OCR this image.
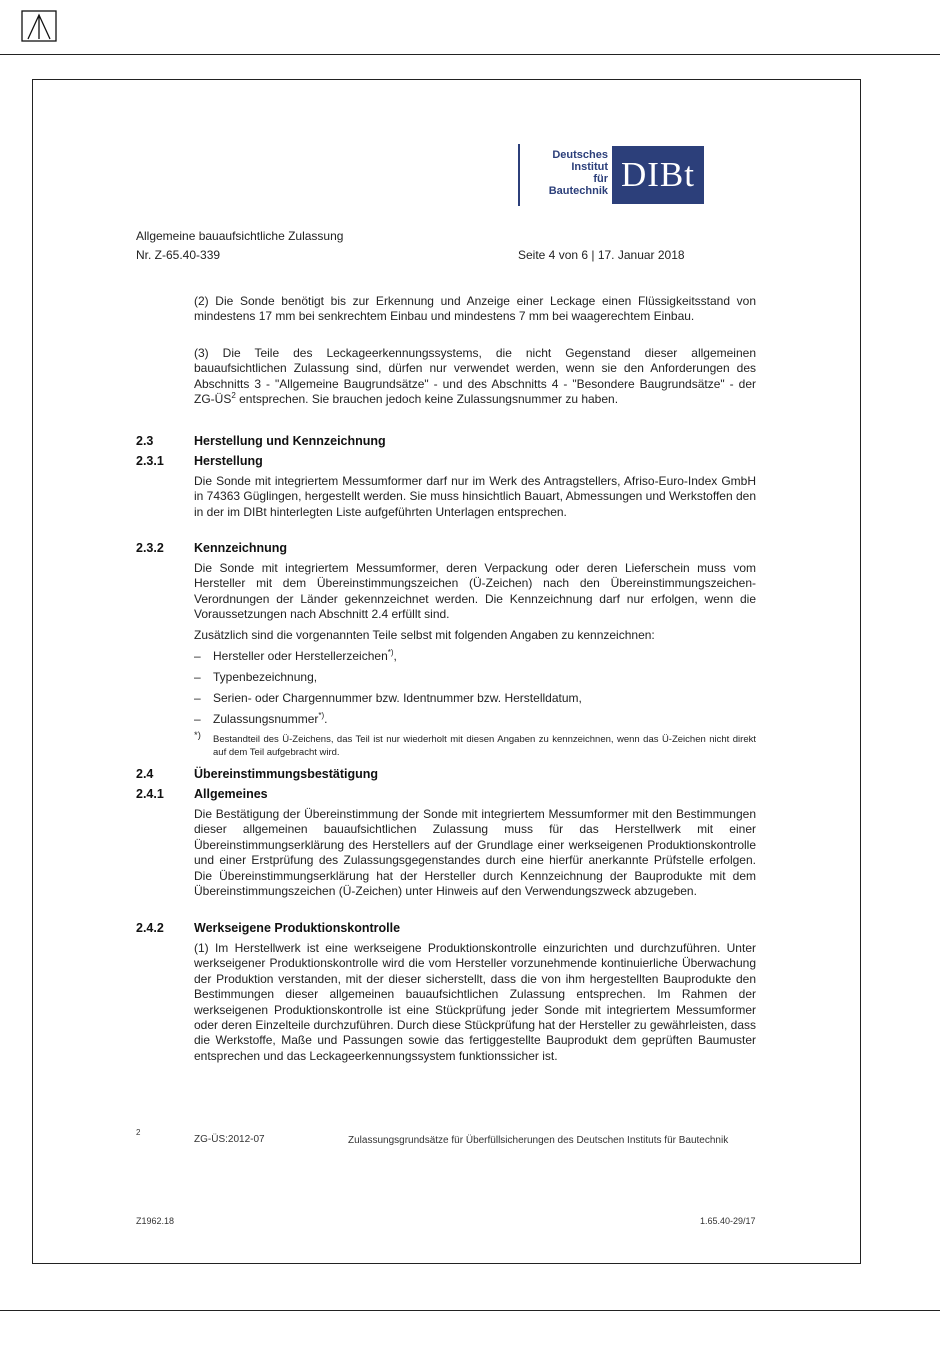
Deutsches
Institut
für
Bautechnik DIBt
Allgemeine bauaufsichtliche Zulassung
Nr. Z-65.40-339	Seite 4 von 6 | 17. Januar 2018
(2) Die Sonde benötigt bis zur Erkennung und Anzeige einer Leckage einen Flüssigkeitsstand von mindestens 17 mm bei senkrechtem Einbau und mindestens 7 mm bei waagerechtem Einbau.
(3) Die Teile des Leckageerkennungssystems, die nicht Gegenstand dieser allgemeinen bauaufsichtlichen Zulassung sind, dürfen nur verwendet werden, wenn sie den Anforderungen des Abschnitts 3 - "Allgemeine Baugrundsätze" - und des Abschnitts 4 - "Besondere Baugrundsätze" - der $ZG-ÜS^2$ entsprechen. Sie brauchen jedoch keine Zulassungsnummer zu haben.
2.3	Herstellung und Kennzeichnung
2.3.1 Herstellung
Die Sonde mit integriertem Messumformer darf nur im Werk des Antragstellers, Afriso-Euro-Index GmbH in 74363 Güglingen, hergestellt werden. Sie muss hinsichtlich Bauart, Abmessungen und Werkstoffen den in der im DIBt hinterlegten Liste aufgeführten Unterlagen entsprechen.
2.3.2 Kennzeichnung
Die Sonde mit integriertem Messumformer, deren Verpackung oder deren Lieferschein muss vom Hersteller mit dem Übereinstimmungszeichen (Ü-Zeichen) nach den Übereinstimmungszeichen-Verordnungen der Länder gekennzeichnet werden. Die Kennzeichnung darf nur erfolgen, wenn die Voraussetzungen nach Abschnitt 2.4 erfüllt sind.
Zusätzlich sind die vorgenannten Teile selbst mit folgenden Angaben zu kennzeichnen:
– Hersteller oder Herstellerzeichen*),
– Typenbezeichnung,
– Serien- oder Chargennummer bzw. Identnummer bzw. Herstelldatum,
– Zulassungsnummer*).
*) Bestandteil des Ü-Zeichens, das Teil ist nur wiederholt mit diesen Angaben zu kennzeichnen, wenn das Ü-Zeichen nicht direkt auf dem Teil aufgebracht wird.
2.4	Übereinstimmungsbestätigung
2.4.1 Allgemeines
Die Bestätigung der Übereinstimmung der Sonde mit integriertem Messumformer mit den Bestimmungen dieser allgemeinen bauaufsichtlichen Zulassung muss für das Herstellwerk mit einer Übereinstimmungserklärung des Herstellers auf der Grundlage einer werkseigenen Produktionskontrolle und einer Erstprüfung des Zulassungsgegenstandes durch eine hierfür anerkannte Prüfstelle erfolgen. Die Übereinstimmungserklärung hat der Hersteller durch Kennzeichnung der Bauprodukte mit dem Übereinstimmungszeichen (Ü-Zeichen) unter Hinweis auf den Verwendungszweck abzugeben.
2.4.2 Werkseigene Produktionskontrolle
(1) Im Herstellwerk ist eine werkseigene Produktionskontrolle einzurichten und durchzuführen. Unter werkseigener Produktionskontrolle wird die vom Hersteller vorzunehmende kontinuierliche Überwachung der Produktion verstanden, mit der dieser sicherstellt, dass die von ihm hergestellten Bauprodukte den Bestimmungen dieser allgemeinen bauaufsichtlichen Zulassung entsprechen. Im Rahmen der werkseigenen Produktionskontrolle ist eine Stückprüfung jeder Sonde mit integriertem Messumformer oder deren Einzelteile durchzuführen. Durch diese Stückprüfung hat der Hersteller zu gewährleisten, dass die Werkstoffe, Maße und Passungen sowie das fertiggestellte Bauprodukt dem geprüften Baumuster entsprechen und das Leckageerkennungssystem funktionssicher ist.
2
ZG-ÜS:2012-07	Zulassungsgrundsätze für Überfüllsicherungen des Deutschen Instituts für Bautechnik
Z1962.18	1.65.40-29/17
